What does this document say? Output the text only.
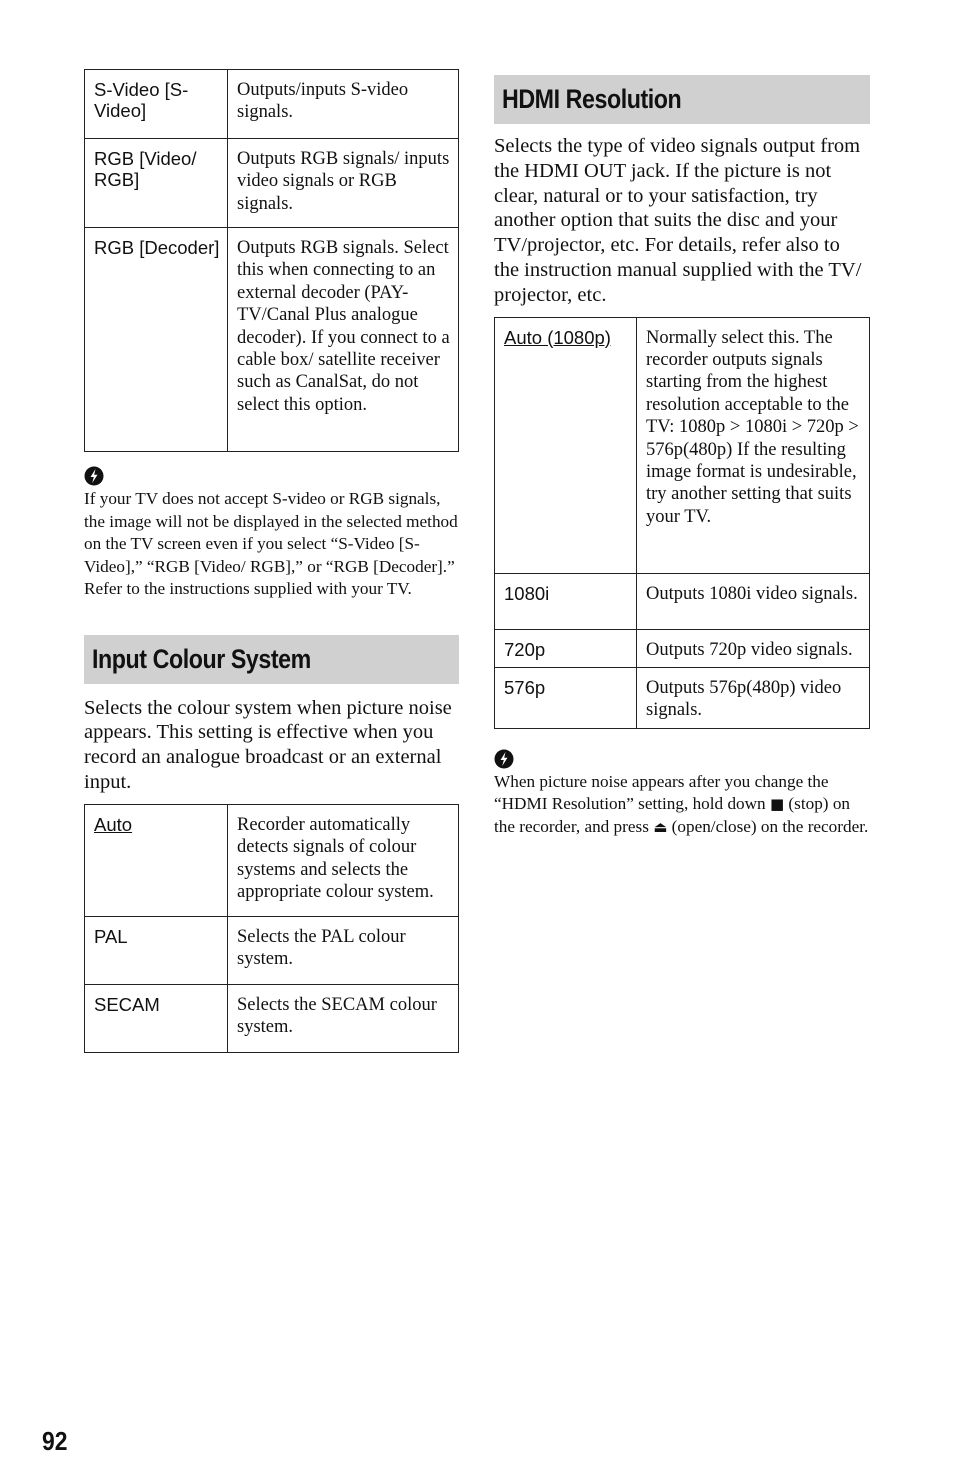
S-Video [S-Video]	Outputs/inputs S-video signals.
RGB [Video/ RGB]	Outputs RGB signals/ inputs video signals or RGB signals.
RGB [Decoder]	Outputs RGB signals. Select this when connecting to an external decoder (PAY-TV/Canal Plus analogue decoder). If you connect to a cable box/ satellite receiver such as CanalSat, do not select this option.

If your TV does not accept S-video or RGB signals, the image will not be displayed in the selected method on the TV screen even if you select “S-Video [S-Video],” “RGB [Video/ RGB],” or “RGB [Decoder].” Refer to the instructions supplied with your TV.

Input Colour System

Selects the colour system when picture noise appears. This setting is effective when you record an analogue broadcast or an external input.

Auto	Recorder automatically detects signals of colour systems and selects the appropriate colour system.
PAL	Selects the PAL colour system.
SECAM	Selects the SECAM colour system.
HDMI Resolution

Selects the type of video signals output from the HDMI OUT jack. If the picture is not clear, natural or to your satisfaction, try another option that suits the disc and your TV/projector, etc. For details, refer also to the instruction manual supplied with the TV/ projector, etc.

Auto (1080p)	Normally select this. The recorder outputs signals starting from the highest resolution acceptable to the TV: 1080p > 1080i > 720p > 576p(480p) If the resulting image format is undesirable, try another setting that suits your TV.
1080i	Outputs 1080i video signals.
720p	Outputs 720p video signals.
576p	Outputs 576p(480p) video signals.

When picture noise appears after you change the “HDMI Resolution” setting, hold down ■ (stop) on the recorder, and press ⏏ (open/close) on the recorder.

92
